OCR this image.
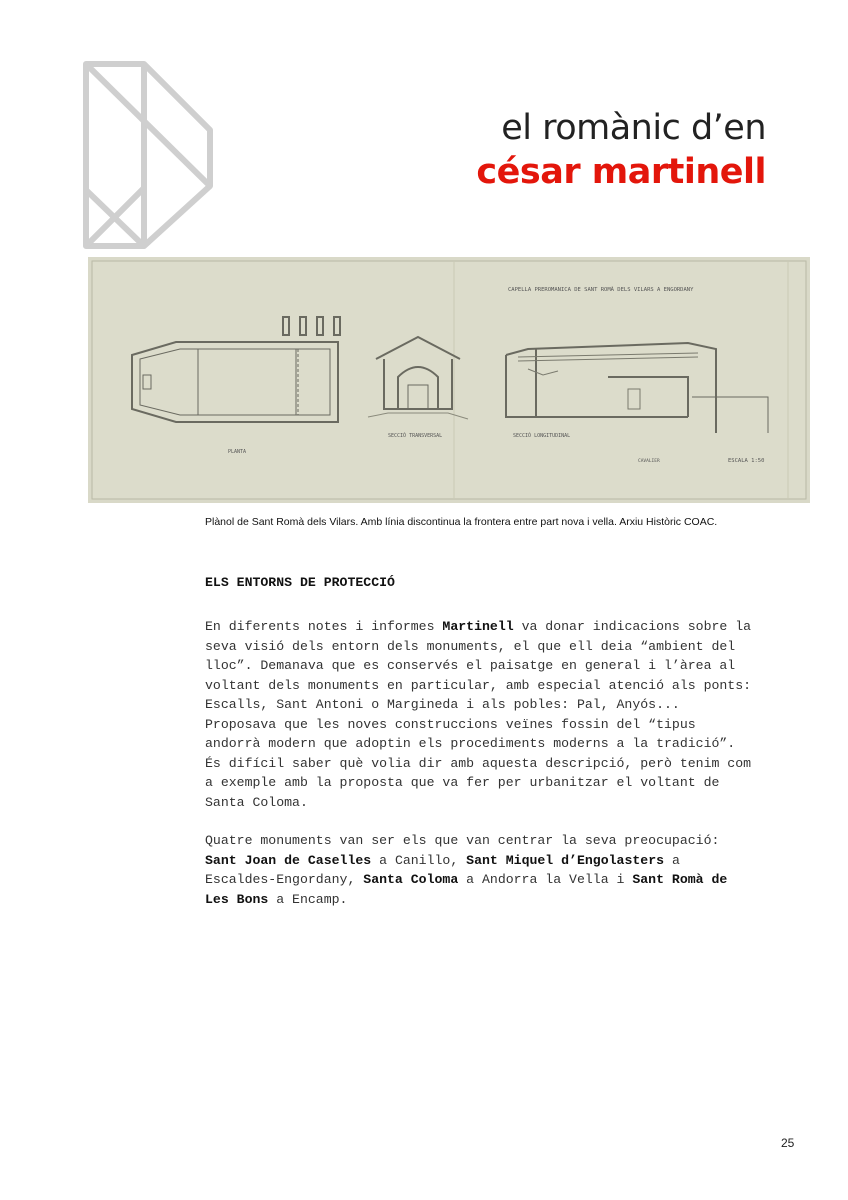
el romànic d’en
césar martinell
CAPELLA PREROMANICA DE SANT ROMÀ DELS VILARS A ENGORDANY
PLANTA
SECCIÓ TRANSVERSAL	SECCIÓ LONGITUDINAL
CAVALIER	ESCALA 1:50
Plànol de Sant Romà dels Vilars. Amb línia discontinua la frontera entre part nova i vella. Arxiu Històric COAC.
ELS ENTORNS DE PROTECCIÓ
En diferents notes i informes Martinell va donar indicacions sobre la
seva visió dels entorn dels monuments, el que ell deia “ambient del
lloc”. Demanava que es conservés el paisatge en general i l’àrea al
voltant dels monuments en particular, amb especial atenció als ponts:
Escalls, Sant Antoni o Margineda i als pobles: Pal, Anyós...
Proposava que les noves construccions veïnes fossin del “tipus
andorrà modern que adoptin els procediments moderns a la tradició”.
És difícil saber què volia dir amb aquesta descripció, però tenim com
a exemple amb la proposta que va fer per urbanitzar el voltant de
Santa Coloma.
Quatre monuments van ser els que van centrar la seva preocupació:
Sant Joan de Caselles a Canillo, Sant Miquel d’Engolasters a
Escaldes-Engordany, Santa Coloma a Andorra la Vella i Sant Romà de
Les Bons a Encamp.
25
